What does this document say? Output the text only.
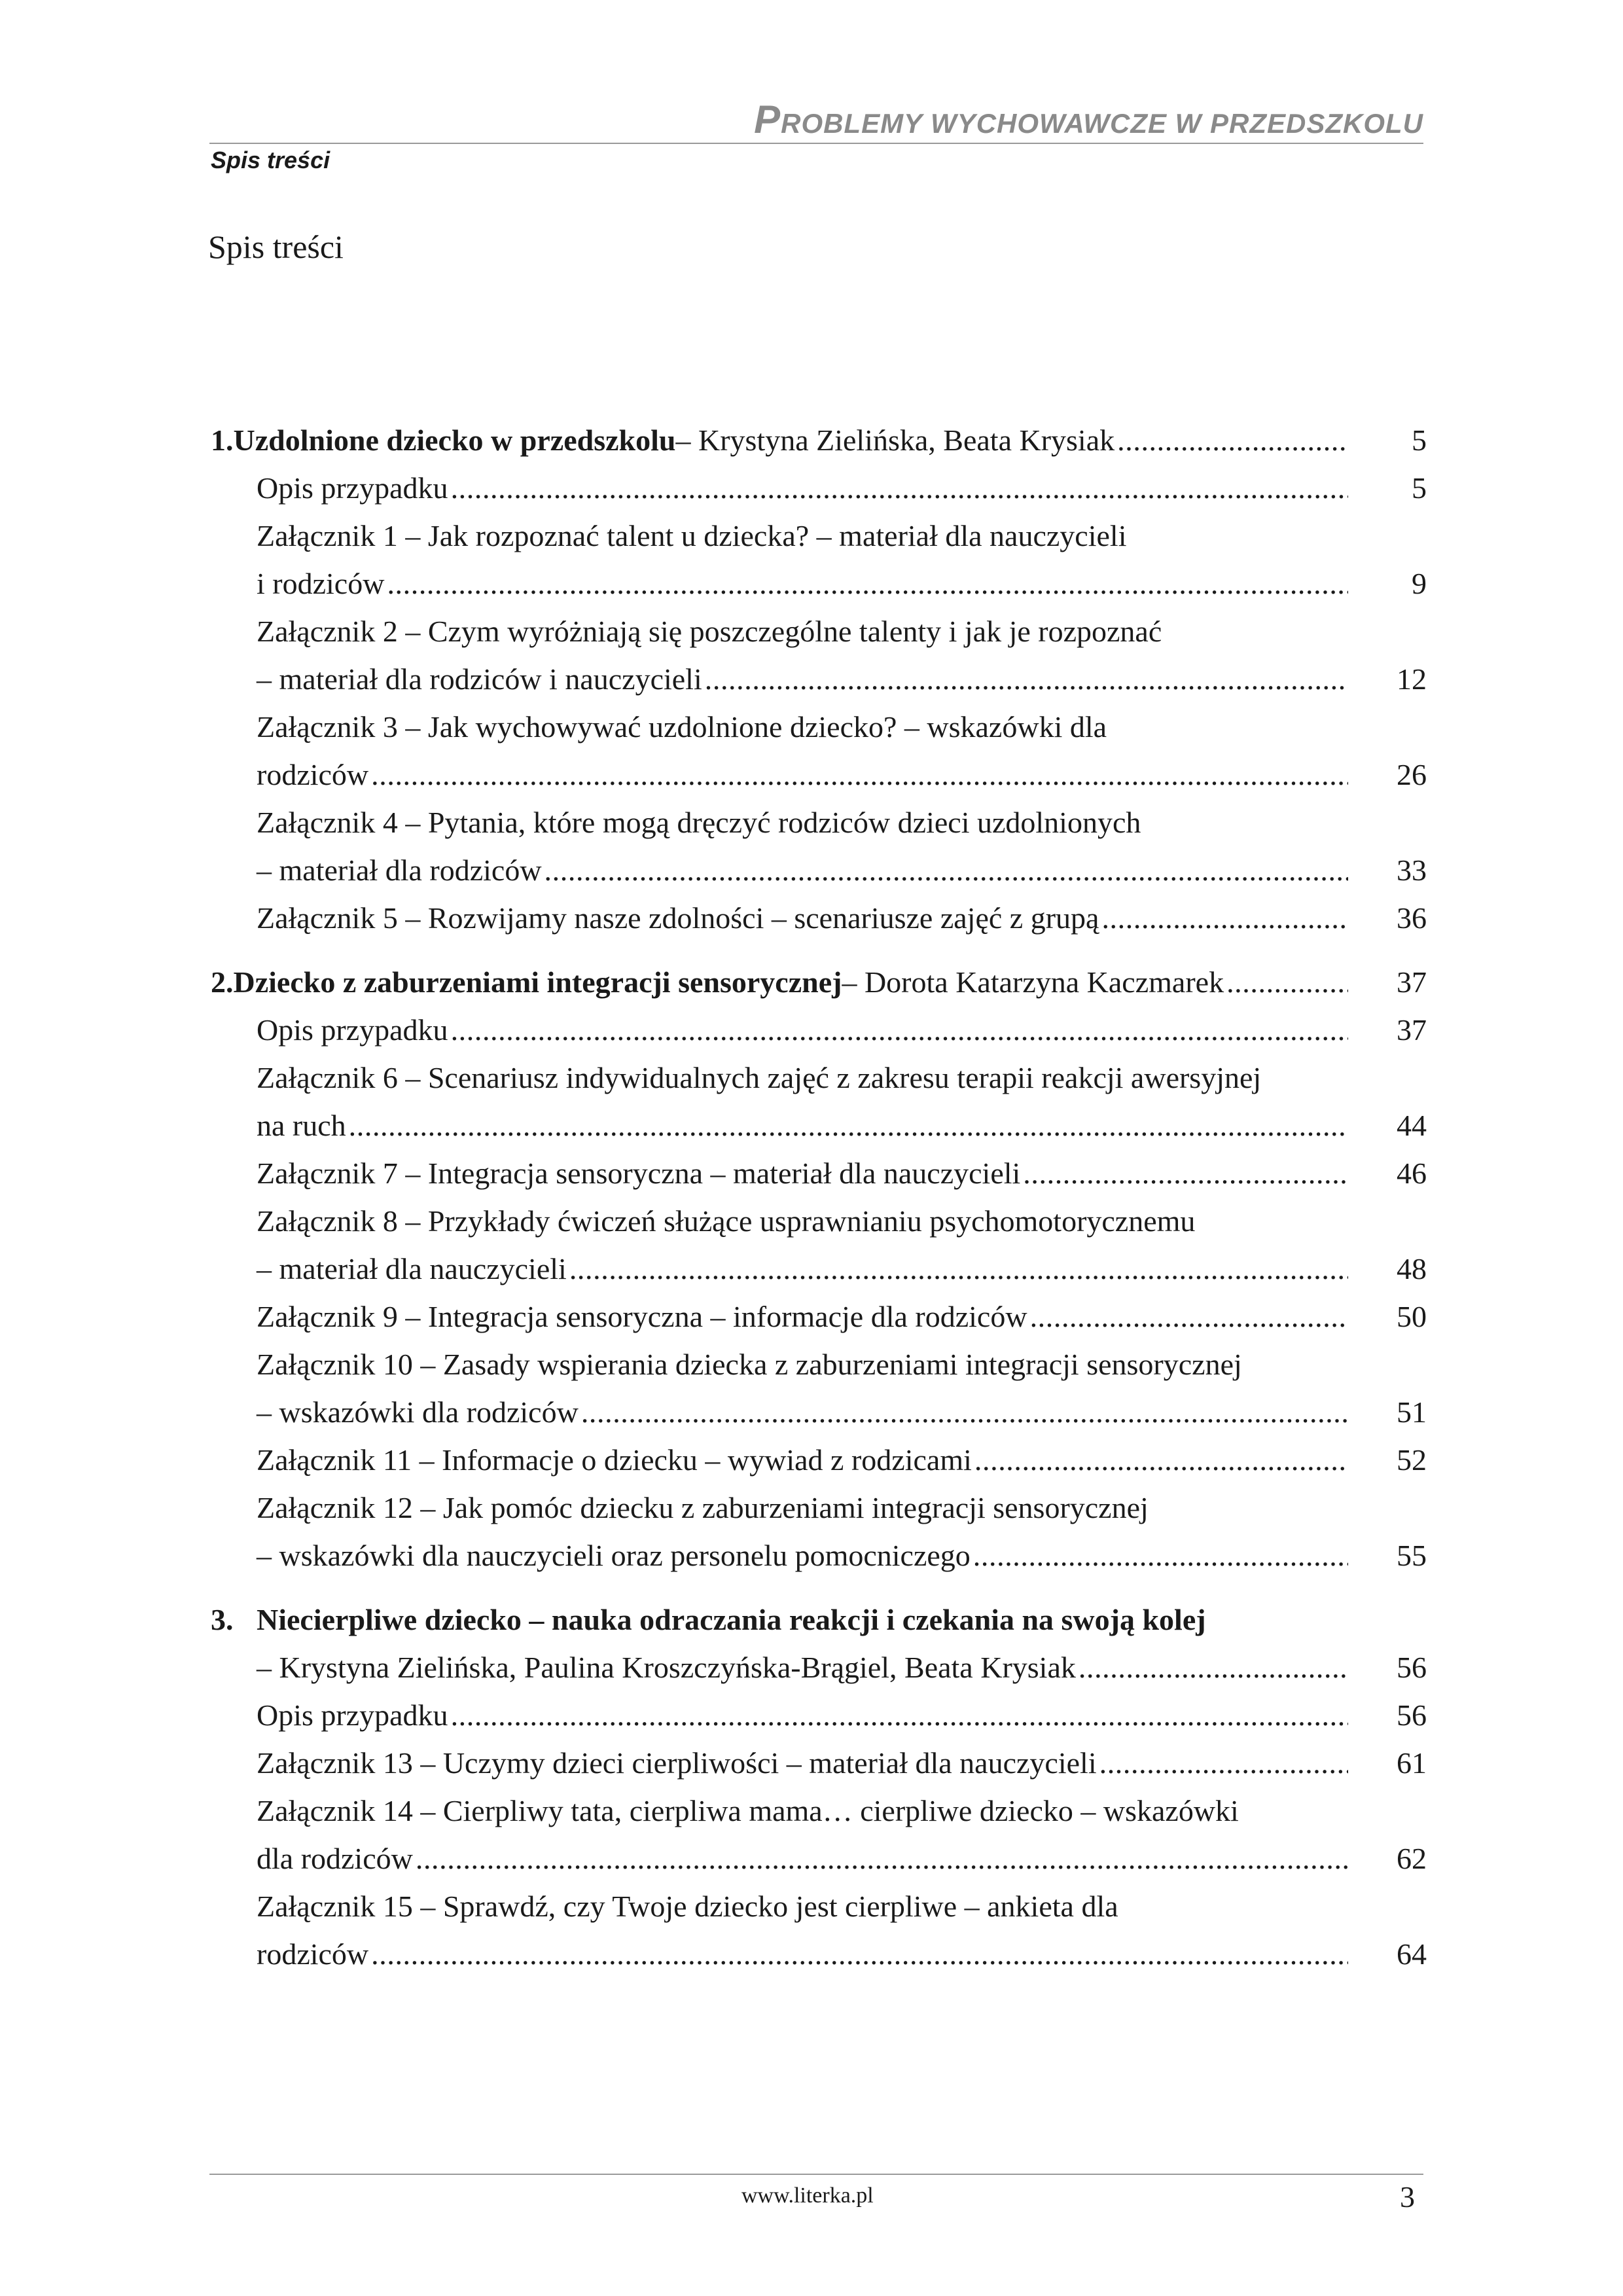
PROBLEMY WYCHOWAWCZE W PRZEDSZKOLU
Spis treści
Spis treści
1. Uzdolnione dziecko w przedszkolu – Krystyna Zielińska, Beata Krysiak .....	5
Opis przypadku .....	5
Załącznik 1 – Jak rozpoznać talent u dziecka? – materiał dla nauczycieli
i rodziców .....	9
Załącznik 2 – Czym wyróżniają się poszczególne talenty i jak je rozpoznać
– materiał dla rodziców i nauczycieli .....	12
Załącznik 3 – Jak wychowywać uzdolnione dziecko? – wskazówki dla
rodziców .....	26
Załącznik 4 – Pytania, które mogą dręczyć rodziców dzieci uzdolnionych
– materiał dla rodziców .....	33
Załącznik 5 – Rozwijamy nasze zdolności – scenariusze zajęć z grupą .....	36
2. Dziecko z zaburzeniami integracji sensorycznej – Dorota Katarzyna Kaczmarek .....	37
Opis przypadku .....	37
Załącznik 6 – Scenariusz indywidualnych zajęć z zakresu terapii reakcji awersyjnej
na ruch .....	44
Załącznik 7 – Integracja sensoryczna – materiał dla nauczycieli .....	46
Załącznik 8 – Przykłady ćwiczeń służące usprawnianiu psychomotorycznemu
– materiał dla nauczycieli .....	48
Załącznik 9 – Integracja sensoryczna – informacje dla rodziców .....	50
Załącznik 10 – Zasady wspierania dziecka z zaburzeniami integracji sensorycznej
– wskazówki dla rodziców .....	51
Załącznik 11 – Informacje o dziecku – wywiad z rodzicami .....	52
Załącznik 12 – Jak pomóc dziecku z zaburzeniami integracji sensorycznej
– wskazówki dla nauczycieli oraz personelu pomocniczego .....	55
3. Niecierpliwe dziecko – nauka odraczania reakcji i czekania na swoją kolej
– Krystyna Zielińska, Paulina Kroszczyńska-Brągiel, Beata Krysiak .....	56
Opis przypadku .....	56
Załącznik 13 – Uczymy dzieci cierpliwości – materiał dla nauczycieli .....	61
Załącznik 14 – Cierpliwy tata, cierpliwa mama… cierpliwe dziecko – wskazówki
dla rodziców .....	62
Załącznik 15 – Sprawdź, czy Twoje dziecko jest cierpliwe – ankieta dla
rodziców .....	64
www.literka.pl	3
